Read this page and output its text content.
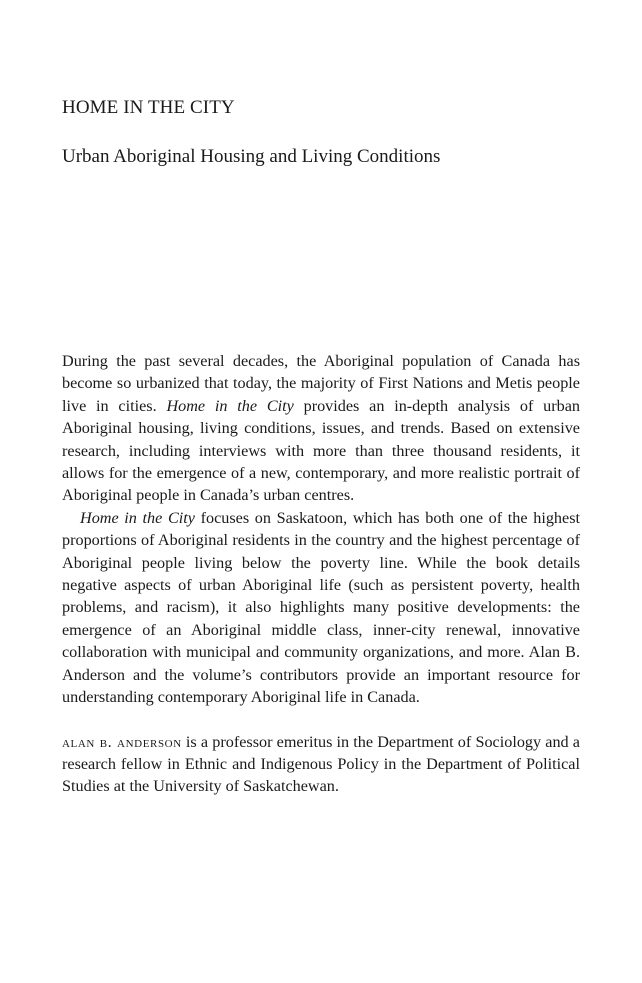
HOME IN THE CITY
Urban Aboriginal Housing and Living Conditions

During the past several decades, the Aboriginal population of Canada has become so urbanized that today, the majority of First Nations and Metis people live in cities. Home in the City provides an in-depth analysis of urban Aboriginal housing, living conditions, issues, and trends. Based on extensive research, including interviews with more than three thousand residents, it allows for the emergence of a new, contemporary, and more realistic portrait of Aboriginal people in Canada’s urban centres.

Home in the City focuses on Saskatoon, which has both one of the highest proportions of Aboriginal residents in the country and the highest percentage of Aboriginal people living below the poverty line. While the book details negative aspects of urban Aboriginal life (such as persistent poverty, health problems, and racism), it also highlights many positive developments: the emergence of an Aboriginal middle class, inner-city renewal, innovative collaboration with municipal and community organizations, and more. Alan B. Anderson and the volume’s contributors provide an important resource for understanding contemporary Aboriginal life in Canada.

alan b. anderson is a professor emeritus in the Department of Sociology and a research fellow in Ethnic and Indigenous Policy in the Department of Political Studies at the University of Saskatchewan.
